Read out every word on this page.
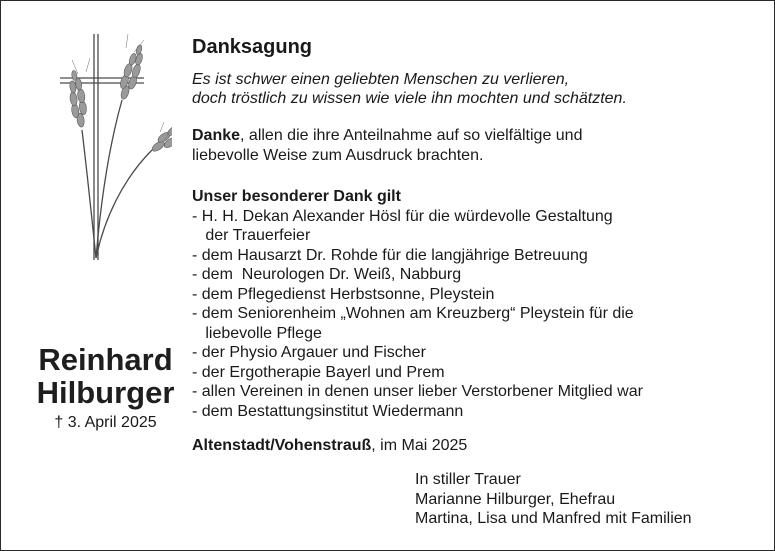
Reinhard
Hilburger
† 3. April 2025
Danksagung
Es ist schwer einen geliebten Menschen zu verlieren,
doch tröstlich zu wissen wie viele ihn mochten und schätzten.
Danke, allen die ihre Anteilnahme auf so vielfältige und
liebevolle Weise zum Ausdruck brachten.
Unser besonderer Dank gilt
- H. H. Dekan Alexander Hösl für die würdevolle Gestaltung
der Trauerfeier
- dem Hausarzt Dr. Rohde für die langjährige Betreuung
- dem  Neurologen Dr. Weiß, Nabburg
- dem Pflegedienst Herbstsonne, Pleystein
- dem Seniorenheim „Wohnen am Kreuzberg“ Pleystein für die
liebevolle Pflege
- der Physio Argauer und Fischer
- der Ergotherapie Bayerl und Prem
- allen Vereinen in denen unser lieber Verstorbener Mitglied war
- dem Bestattungsinstitut Wiedermann
Altenstadt/Vohenstrauß, im Mai 2025
In stiller Trauer
Marianne Hilburger, Ehefrau
Martina, Lisa und Manfred mit Familien
